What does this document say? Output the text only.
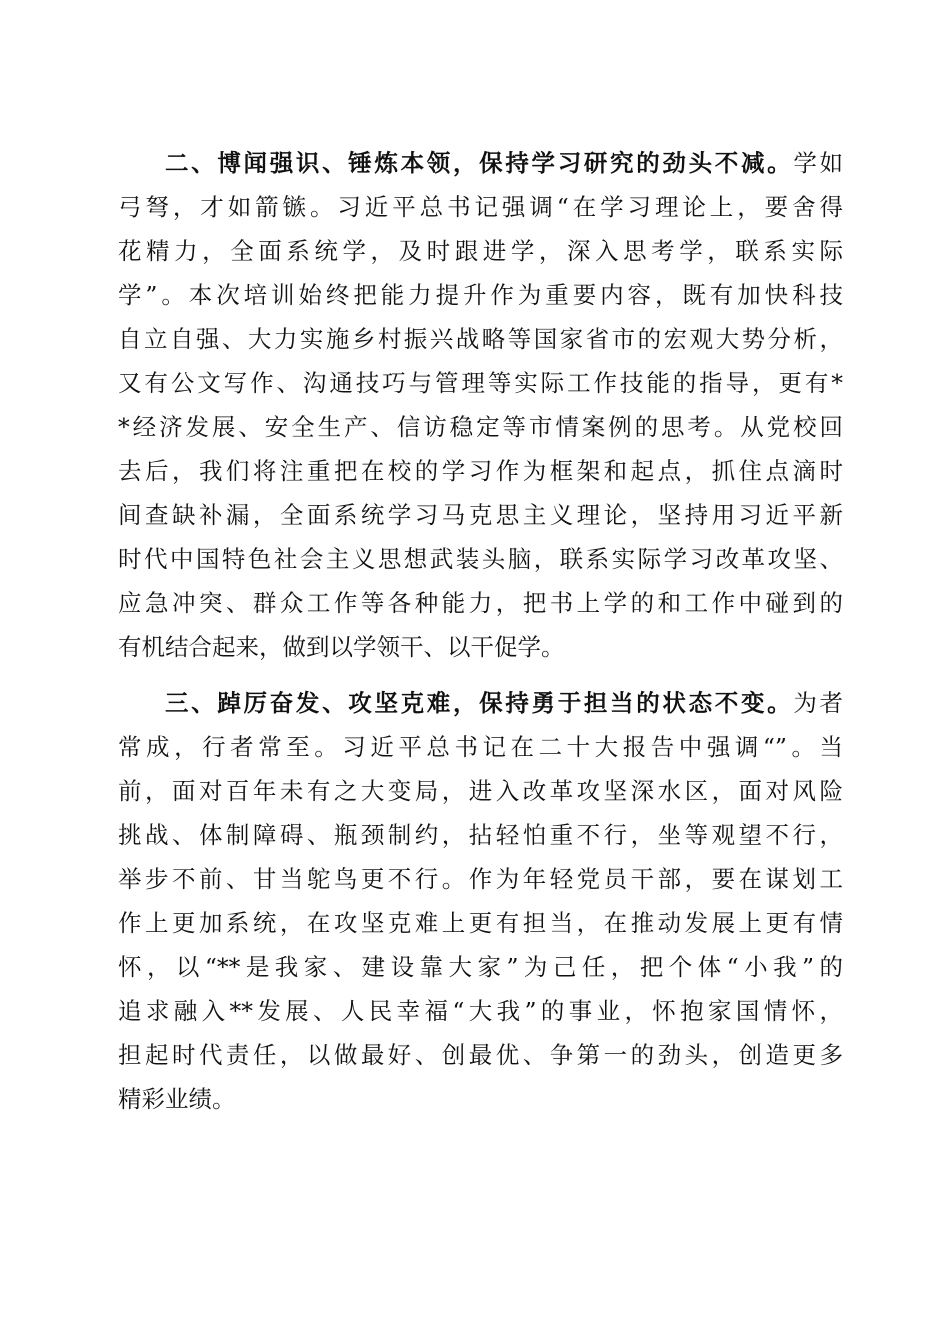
二、博闻强识、锤炼本领，保持学习研究的劲头不减。学如
弓弩，才如箭镞。习近平总书记强调“在学习理论上，要舍得
花精力，全面系统学，及时跟进学，深入思考学，联系实际
学”。本次培训始终把能力提升作为重要内容，既有加快科技
自立自强、大力实施乡村振兴战略等国家省市的宏观大势分析，
又有公文写作、沟通技巧与管理等实际工作技能的指导，更有*
*经济发展、安全生产、信访稳定等市情案例的思考。从党校回
去后，我们将注重把在校的学习作为框架和起点，抓住点滴时
间查缺补漏，全面系统学习马克思主义理论，坚持用习近平新
时代中国特色社会主义思想武装头脑，联系实际学习改革攻坚、
应急冲突、群众工作等各种能力，把书上学的和工作中碰到的
有机结合起来，做到以学领干、以干促学。
三、踔厉奋发、攻坚克难，保持勇于担当的状态不变。为者
常成，行者常至。习近平总书记在二十大报告中强调“”。当
前，面对百年未有之大变局，进入改革攻坚深水区，面对风险
挑战、体制障碍、瓶颈制约，拈轻怕重不行，坐等观望不行，
举步不前、甘当鸵鸟更不行。作为年轻党员干部，要在谋划工
作上更加系统，在攻坚克难上更有担当，在推动发展上更有情
怀，以“**是我家、建设靠大家”为己任，把个体“小我”的
追求融入**发展、人民幸福“大我”的事业，怀抱家国情怀，
担起时代责任，以做最好、创最优、争第一的劲头，创造更多
精彩业绩。
